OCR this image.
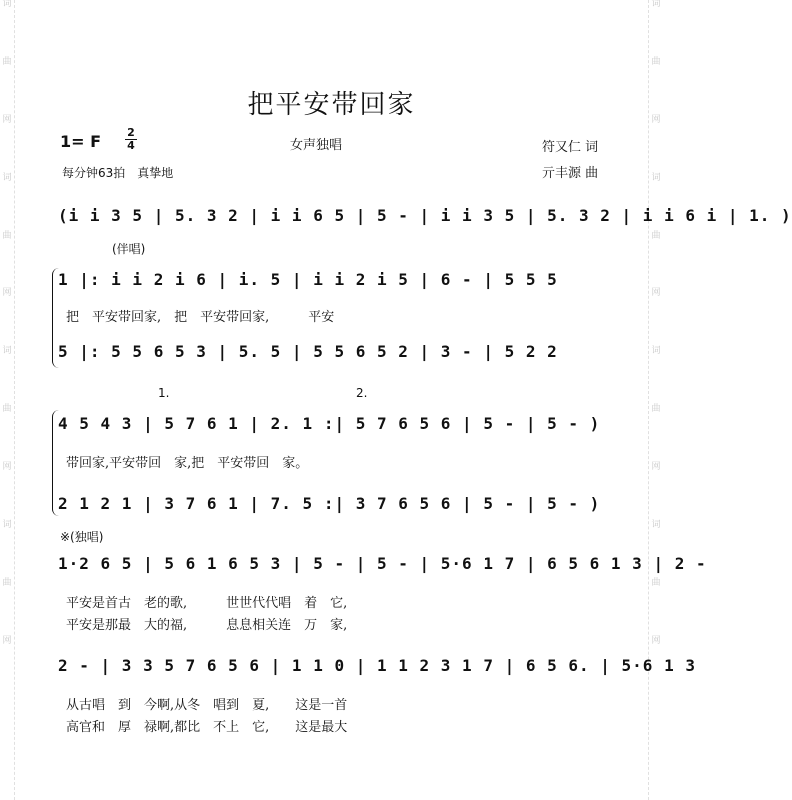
词
曲
网
词
曲
网
词
曲
网
词
曲
网
词
曲
网
词
曲
网
词
曲
网
词
曲
网
把平安带回家
1= F $\frac{2}{4}$	女声独唱
每分钟63拍　真挚地
符又仁 词
亓丰源 曲
(i i 3 5 | 5. 3 2 | i i 6 5 | 5 - | i i 3 5 | 5. 3 2 | i i 6 i | 1. )
(伴唱)
1 |: i i 2 i 6 | i. 5 | i i 2 i 5 | 6 - | 5 5 5
把　平安带回家,　把　平安带回家,　　　平安
5 |: 5 5 6 5 3 | 5. 5 | 5 5 6 5 2 | 3 - | 5 2 2
1.	2.
4 5 4 3 | 5 7 6 1 | 2. 1 :| 5 7 6 5 6 | 5 - | 5 - )
带回家,平安带回　家,把　平安带回　家。
2 1 2 1 | 3 7 6 1 | 7. 5 :| 3 7 6 5 6 | 5 - | 5 - )
※(独唱)
1·2 6 5 | 5 6 1 6 5 3 | 5 - | 5 - | 5·6 1 7 | 6 5 6 1 3 | 2 -
平安是首古　老的歌,　　　世世代代唱　着　它,
平安是那最　大的福,　　　息息相关连　万　家,
2 - | 3 3 5 7 6 5 6 | 1 1 0 | 1 1 2 3 1 7 | 6 5 6. | 5·6 1 3
从古唱　到　今啊,从冬　唱到　夏,　　这是一首
高官和　厚　禄啊,都比　不上　它,　　这是最大
